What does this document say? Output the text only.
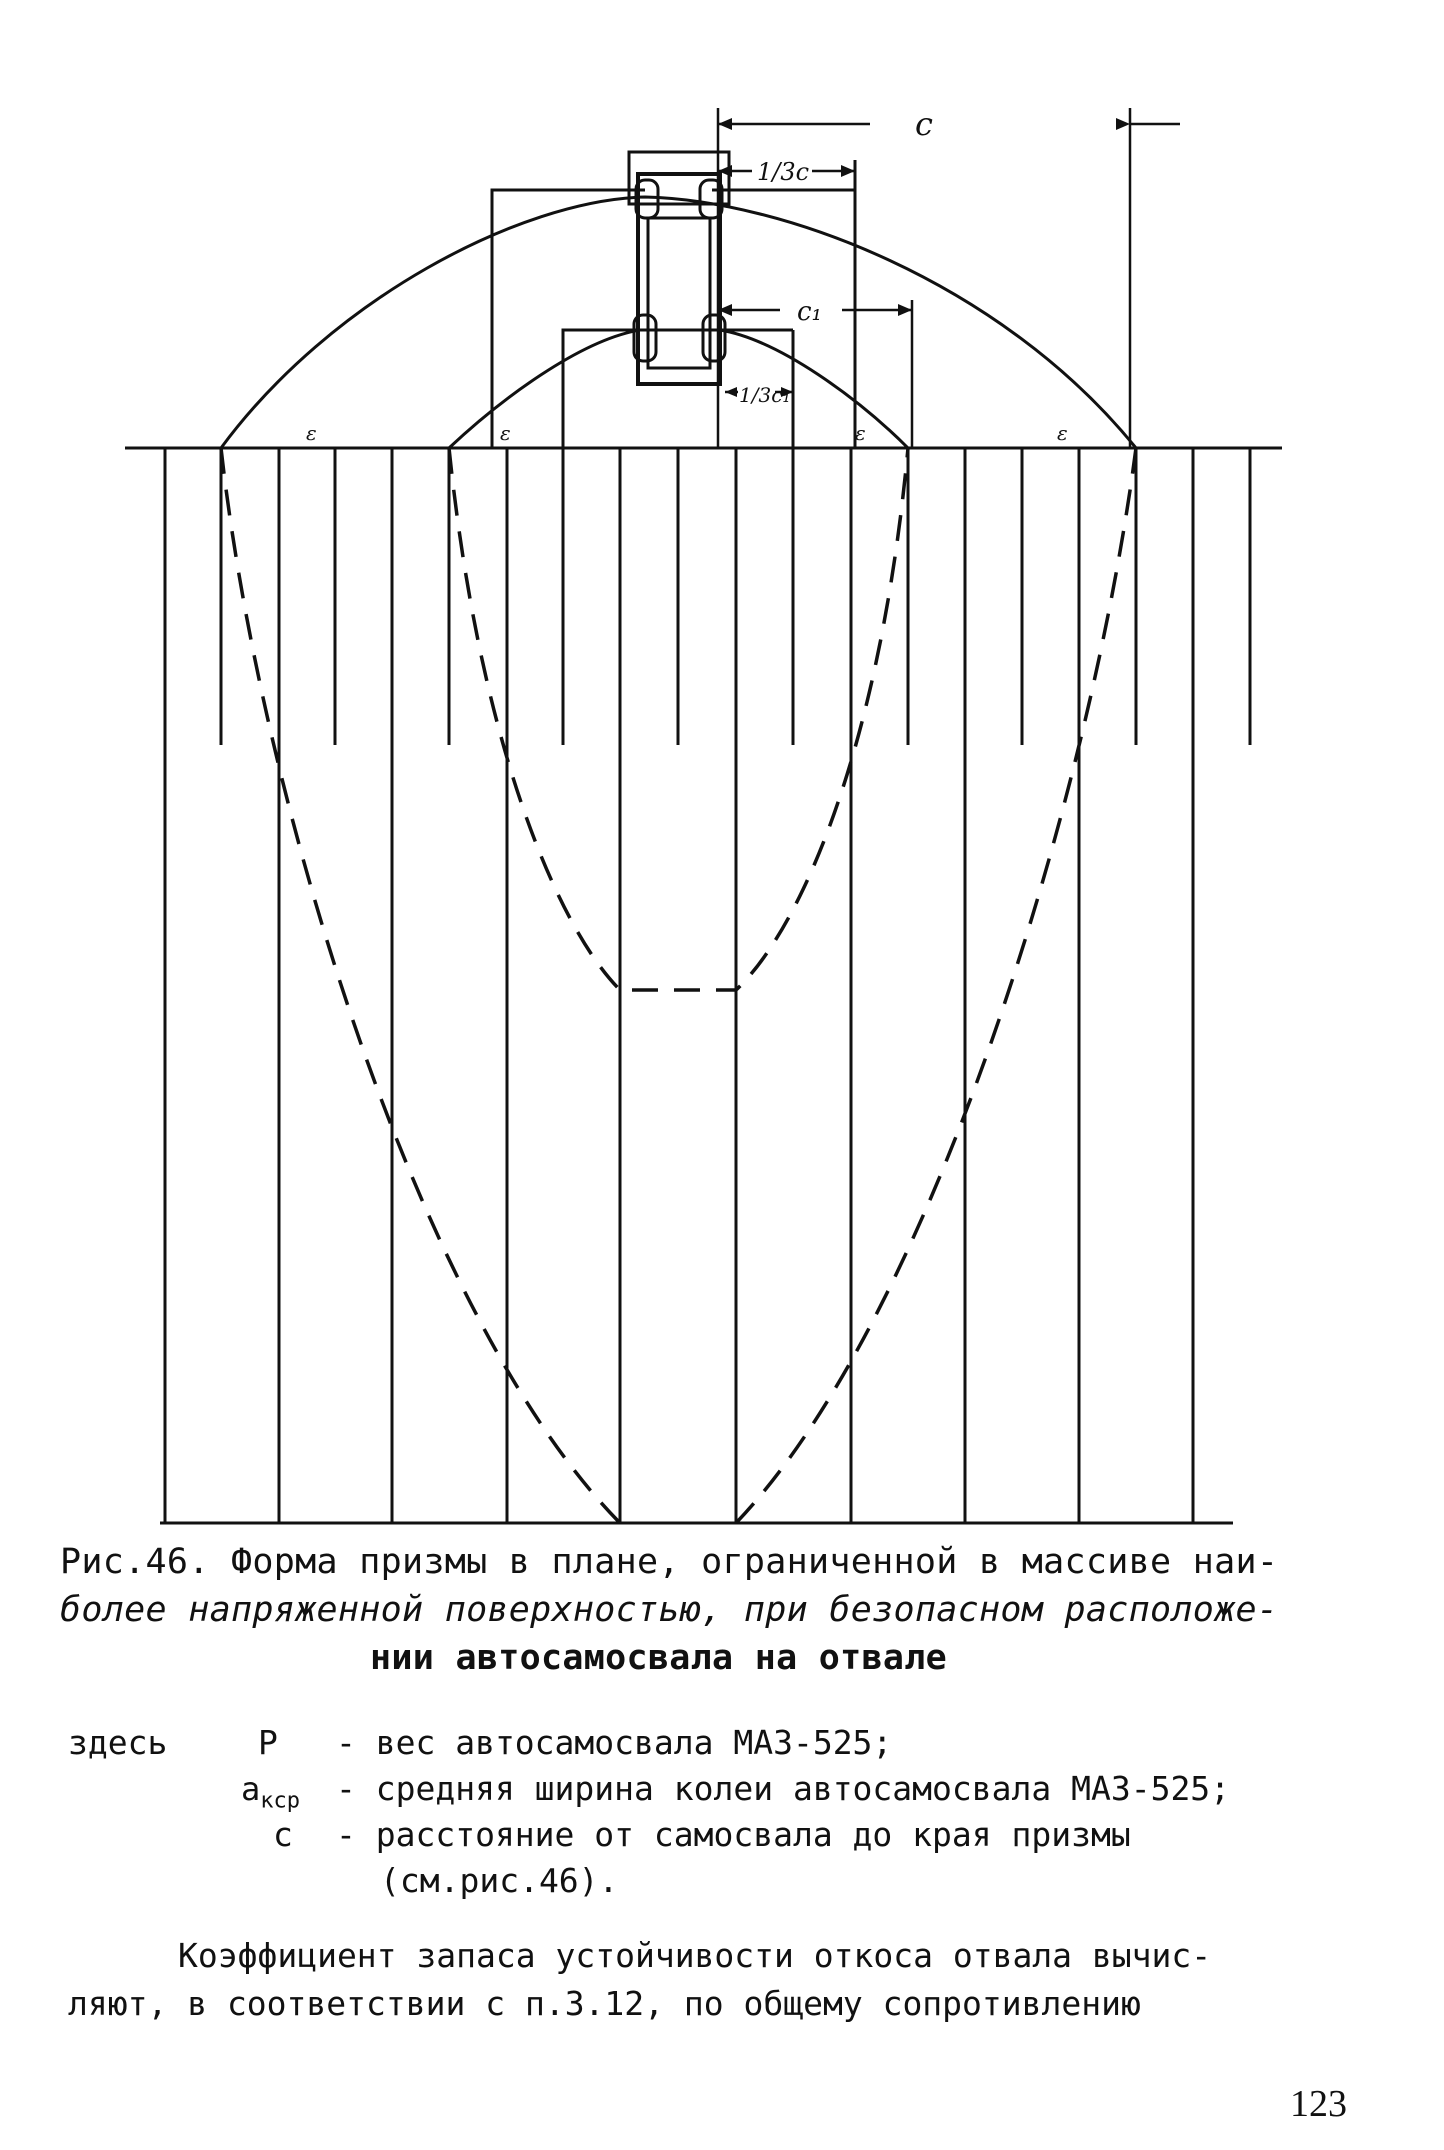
c
1/3c
c₁
1/3c₁
ε	ε	ε	ε
Рис.46. Форма призмы в плане, ограниченной в массиве наи-
более напряженной поверхностью, при безопасном расположе-
нии автосамосвала на отвале
здесь	P - вес автосамосвала МАЗ-525;
$a_{кср}$ - средняя ширина колеи автосамосвала МАЗ-525;
c - расстояние от самосвала до края призмы
(см.рис.46).
Коэффициент запаса устойчивости откоса отвала вычис-
ляют, в соответствии с п.3.12, по общему сопротивлению
123
